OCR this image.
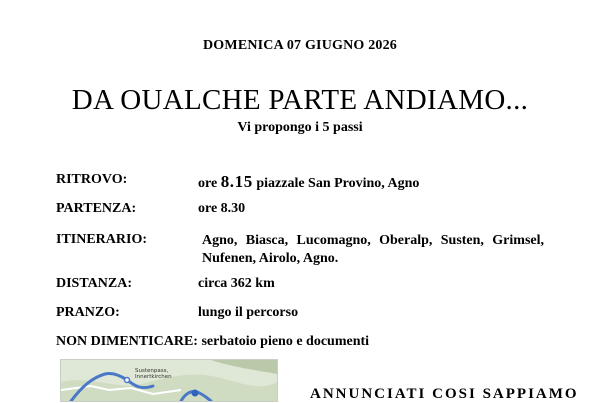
DOMENICA 07 GIUGNO 2026
DA OUALCHE PARTE ANDIAMO...
Vi propongo i 5 passi
RITROVO:	ore 8.15 piazzale San Provino, Agno
PARTENZA:	ore 8.30
ITINERARIO:	Agno, Biasca, Lucomagno, Oberalp, Susten, Grimsel, Nufenen, Airolo, Agno.
DISTANZA:	circa 362 km
PRANZO:	lungo il percorso
NON DIMENTICARE: serbatoio pieno e documenti
Sustenpass,
Innertkirchen
ANNUNCIATI COSI SAPPIAMO
